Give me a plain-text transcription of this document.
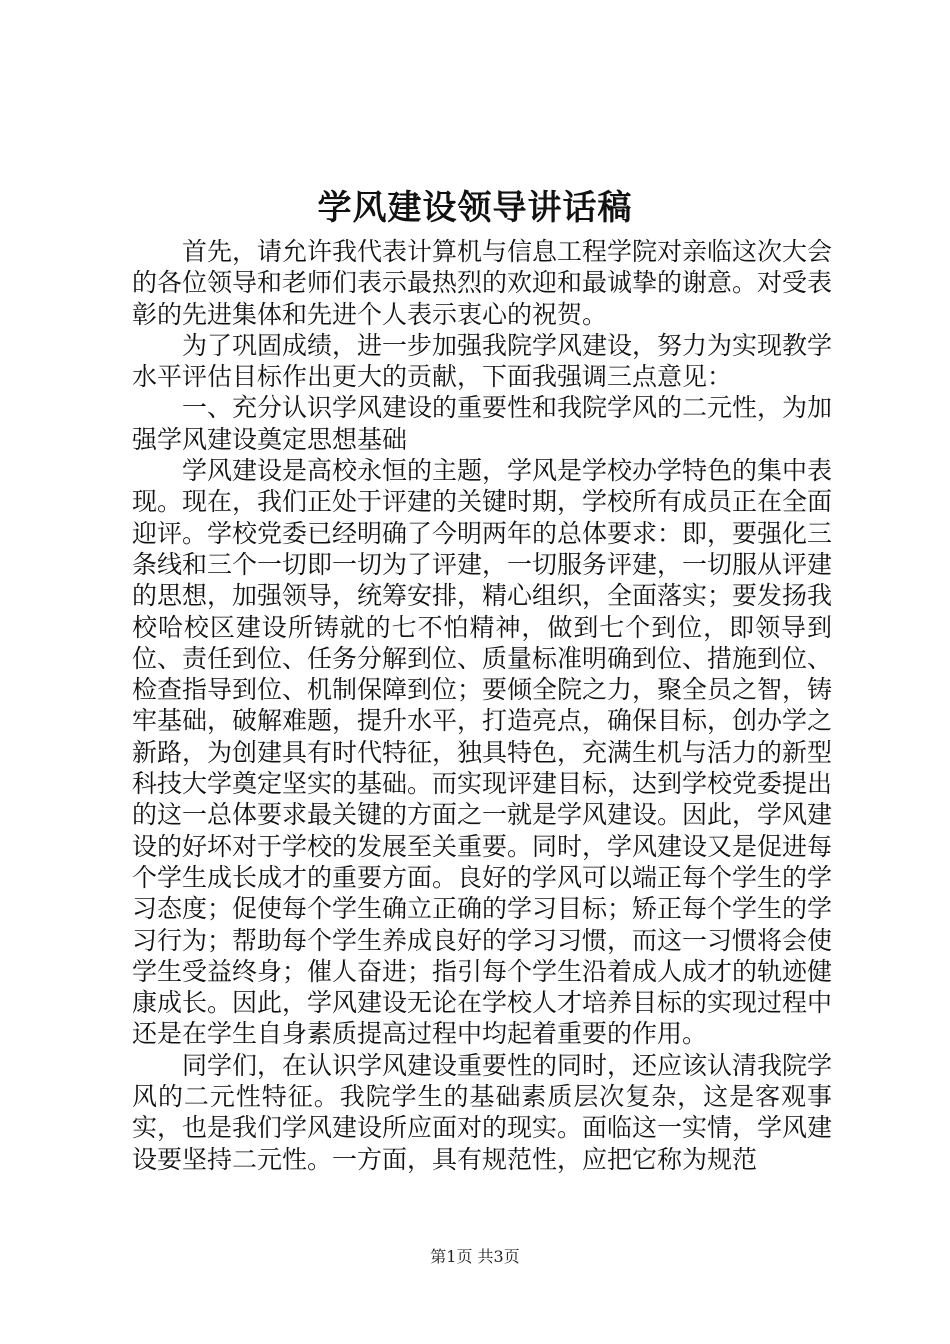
学风建设领导讲话稿

首先，请允许我代表计算机与信息工程学院对亲临这次大会的各位领导和老师们表示最热烈的欢迎和最诚挚的谢意。对受表彰的先进集体和先进个人表示衷心的祝贺。

为了巩固成绩，进一步加强我院学风建设，努力为实现教学水平评估目标作出更大的贡献，下面我强调三点意见：

一、充分认识学风建设的重要性和我院学风的二元性，为加强学风建设奠定思想基础

学风建设是高校永恒的主题，学风是学校办学特色的集中表现。现在，我们正处于评建的关键时期，学校所有成员正在全面迎评。学校党委已经明确了今明两年的总体要求：即，要强化三条线和三个一切即一切为了评建，一切服务评建，一切服从评建的思想，加强领导，统筹安排，精心组织，全面落实；要发扬我校哈校区建设所铸就的七不怕精神，做到七个到位，即领导到位、责任到位、任务分解到位、质量标准明确到位、措施到位、检查指导到位、机制保障到位；要倾全院之力，聚全员之智，铸牢基础，破解难题，提升水平，打造亮点，确保目标，创办学之新路，为创建具有时代特征，独具特色，充满生机与活力的新型科技大学奠定坚实的基础。而实现评建目标，达到学校党委提出的这一总体要求最关键的方面之一就是学风建设。因此，学风建设的好坏对于学校的发展至关重要。同时，学风建设又是促进每个学生成长成才的重要方面。良好的学风可以端正每个学生的学习态度；促使每个学生确立正确的学习目标；矫正每个学生的学习行为；帮助每个学生养成良好的学习习惯，而这一习惯将会使学生受益终身；催人奋进；指引每个学生沿着成人成才的轨迹健康成长。因此，学风建设无论在学校人才培养目标的实现过程中还是在学生自身素质提高过程中均起着重要的作用。

同学们，在认识学风建设重要性的同时，还应该认清我院学风的二元性特征。我院学生的基础素质层次复杂，这是客观事实，也是我们学风建设所应面对的现实。面临这一实情，学风建设要坚持二元性。一方面，具有规范性，应把它称为规范

第1页 共3页
